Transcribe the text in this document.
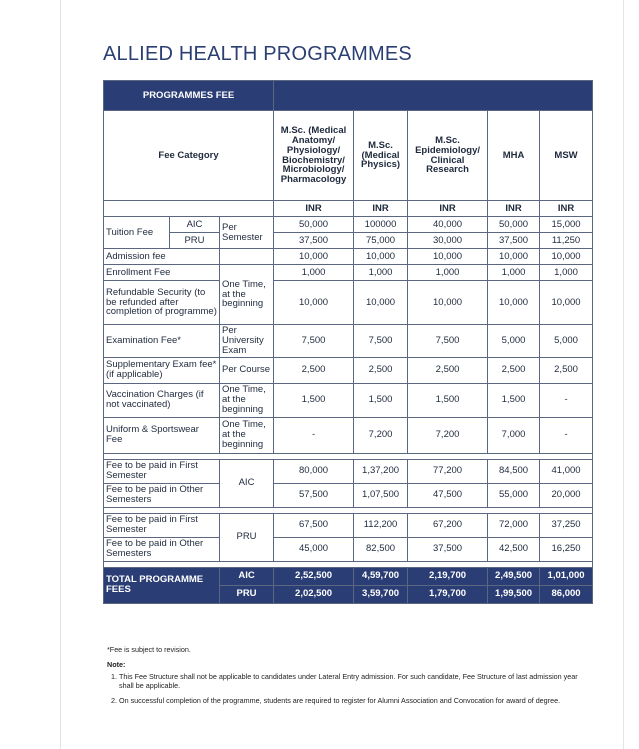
ALLIED HEALTH PROGRAMMES
PROGRAMMES FEE							
Fee Category			M.Sc. (Medical Anatomy/ Physiology/ Biochemistry/ Microbiology/ Pharmacology	M.Sc. (Medical Physics)	M.Sc. Epidemiology/ Clinical Research	MHA	MSW
			INR	INR	INR	INR	INR
Tuition Fee	AIC	Per Semester	50,000	100000	40,000	50,000	15,000
	PRU		37,500	75,000	30,000	37,500	11,250
Admission fee			10,000	10,000	10,000	10,000	10,000
Enrollment Fee		One Time, at the beginning	1,000	1,000	1,000	1,000	1,000
Refundable Security (to be refunded after completion of programme)			10,000	10,000	10,000	10,000	10,000
Examination Fee*		Per University Exam	7,500	7,500	7,500	5,000	5,000
Supplementary Exam fee* (if applicable)		Per Course	2,500	2,500	2,500	2,500	2,500
Vaccination Charges (if not vaccinated)		One Time, at the beginning	1,500	1,500	1,500	1,500	-
Uniform & Sportswear Fee		One Time, at the beginning	-	7,200	7,200	7,000	-

Fee to be paid in First Semester		AIC	80,000	1,37,200	77,200	84,500	41,000
Fee to be paid in Other Semesters			57,500	1,07,500	47,500	55,000	20,000

Fee to be paid in First Semester		PRU	67,500	112,200	67,200	72,000	37,250
Fee to be paid in Other Semesters			45,000	82,500	37,500	42,500	16,250

TOTAL PROGRAMME FEES		AIC	2,52,500	4,59,700	2,19,700	2,49,500	1,01,000
		PRU	2,02,500	3,59,700	1,79,700	1,99,500	86,000

*Fee is subject to revision.

Note:

1. This Fee Structure shall not be applicable to candidates under Lateral Entry admission. For such candidate, Fee Structure of last admission year shall be applicable.
2. On successful completion of the programme, students are required to register for Alumni Association and Convocation for award of degree.
